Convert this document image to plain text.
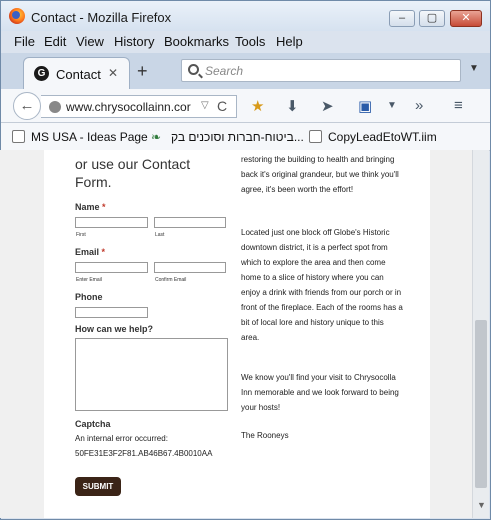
Contact - Mozilla Firefox	–	▢	✕
File Edit View History Bookmarks Tools Help
G Contact ✕ +	Search	▼
www.chrysocollainn.cor	▽ C
←	★ ⬇ ➤ ▣ ▼ » ≡
MS USA - Ideas Page ❧ ביטוח-חברות וסוכנים בק...	CopyLeadEtoWT.iim
or use our Contact
Form.
Name *
First	Last
Email *
Enter Email	Confirm Email
Phone
How can we help?
Captcha
An internal error occurred:
50FE31E3F2F81.AB46B67.4B0010AA
SUBMIT
restoring the building to health and bringing back it's original grandeur, but we think you'll agree, it's been worth the effort!
Located just one block off Globe's Historic downtown district, it is a perfect spot from which to explore the area and then come home to a slice of history where you can enjoy a drink with friends from our porch or in front of the fireplace. Each of the rooms has a bit of local lore and history unique to this area.
We know you'll find your visit to Chrysocolla Inn memorable and we look forward to being your hosts!
The Rooneys
▼
